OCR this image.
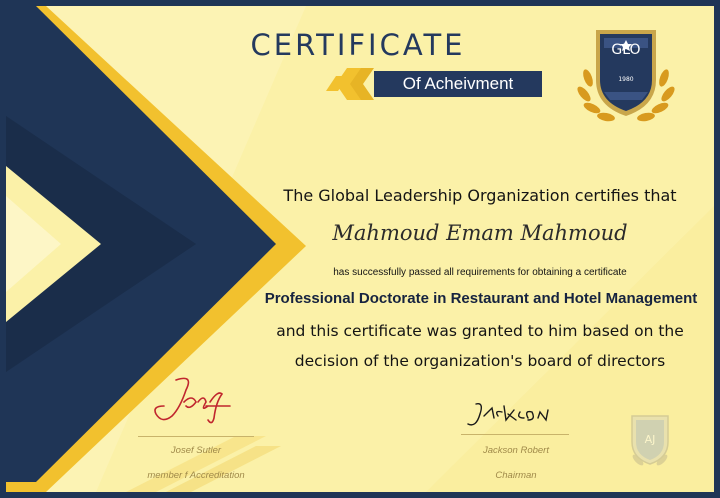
CERTIFICATE
Of Acheivment
GLO
1980
The Global Leadership Organization certifies that
Mahmoud Emam Mahmoud
has successfully passed all requirements for obtaining a certificate
Professional Doctorate in Restaurant and Hotel Management
and this certificate was granted to him based on the
decision of the organization's board of directors
Josef Sutler
member f Accreditation
Jackson Robert
Chairman
AJ
